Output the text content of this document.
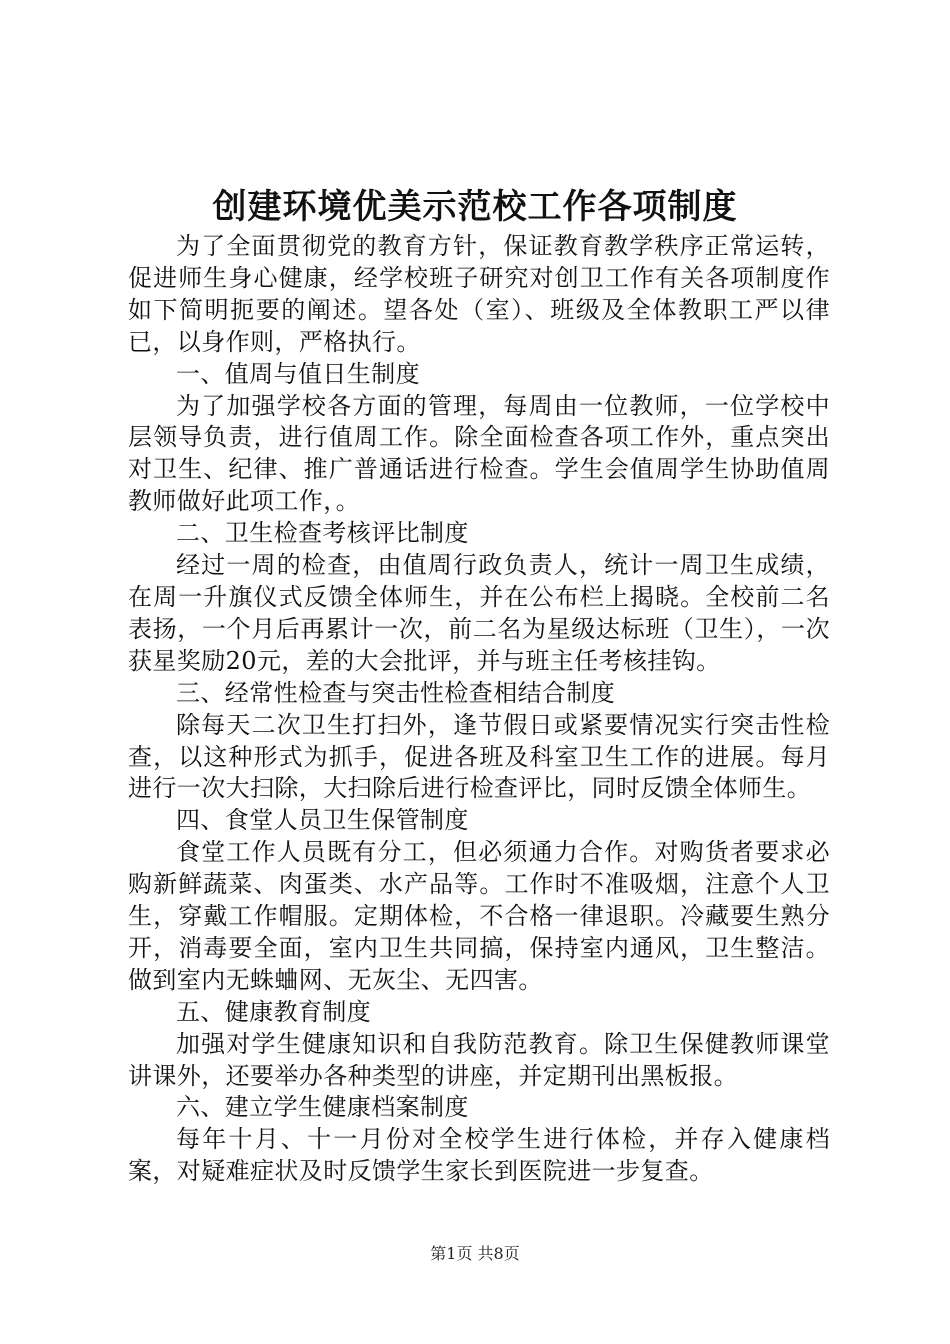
创建环境优美示范校工作各项制度

为了全面贯彻党的教育方针，保证教育教学秩序正常运转，促进师生身心健康，经学校班子研究对创卫工作有关各项制度作如下简明扼要的阐述。望各处（室）、班级及全体教职工严以律已，以身作则，严格执行。

一、值周与值日生制度

为了加强学校各方面的管理，每周由一位教师，一位学校中层领导负责，进行值周工作。除全面检查各项工作外，重点突出对卫生、纪律、推广普通话进行检查。学生会值周学生协助值周教师做好此项工作，。

二、卫生检查考核评比制度

经过一周的检查，由值周行政负责人，统计一周卫生成绩，在周一升旗仪式反馈全体师生，并在公布栏上揭晓。全校前二名表扬，一个月后再累计一次，前二名为星级达标班（卫生），一次获星奖励20元，差的大会批评，并与班主任考核挂钩。

三、经常性检查与突击性检查相结合制度

除每天二次卫生打扫外，逢节假日或紧要情况实行突击性检查，以这种形式为抓手，促进各班及科室卫生工作的进展。每月进行一次大扫除，大扫除后进行检查评比，同时反馈全体师生。

四、食堂人员卫生保管制度

食堂工作人员既有分工，但必须通力合作。对购货者要求必购新鲜蔬菜、肉蛋类、水产品等。工作时不准吸烟，注意个人卫生，穿戴工作帽服。定期体检，不合格一律退职。冷藏要生熟分开，消毒要全面，室内卫生共同搞，保持室内通风，卫生整洁。做到室内无蛛蛐网、无灰尘、无四害。

五、健康教育制度

加强对学生健康知识和自我防范教育。除卫生保健教师课堂讲课外，还要举办各种类型的讲座，并定期刊出黑板报。

六、建立学生健康档案制度

每年十月、十一月份对全校学生进行体检，并存入健康档案，对疑难症状及时反馈学生家长到医院进一步复查。

第1页 共8页
